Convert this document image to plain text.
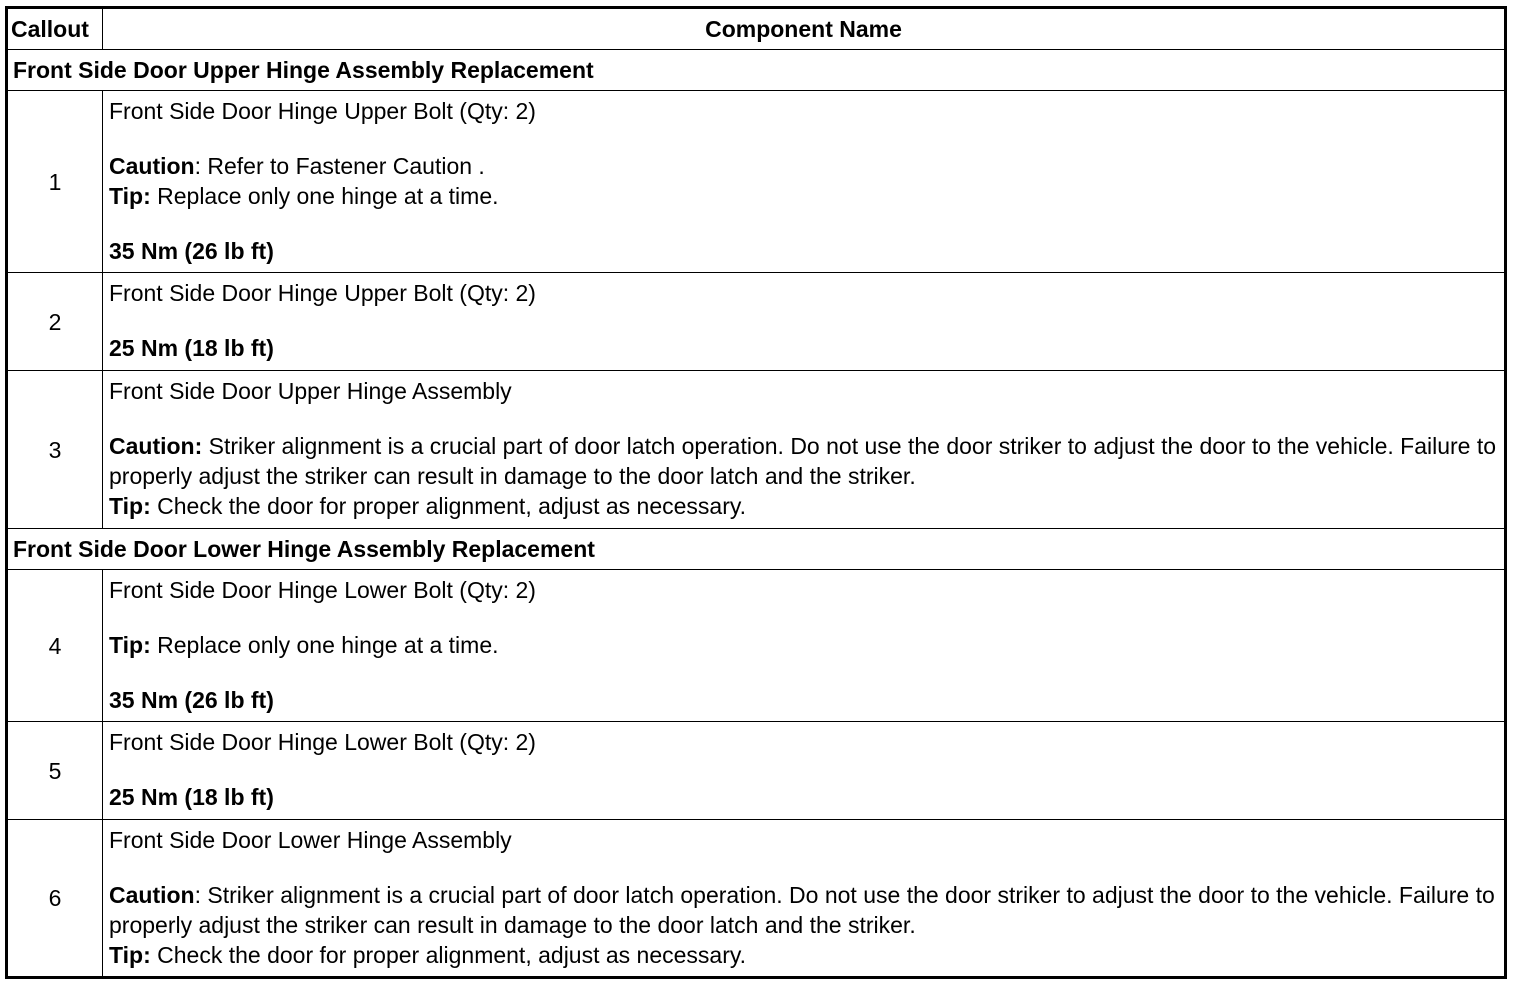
Callout	Component Name
Front Side Door Upper Hinge Assembly Replacement	
1	Front Side Door Hinge Upper Bolt (Qty: 2)
Caution: Refer to Fastener Caution .
Tip: Replace only one hinge at a time.
35 Nm (26 lb ft)

2	Front Side Door Hinge Upper Bolt (Qty: 2)
25 Nm (18 lb ft)

3	Front Side Door Upper Hinge Assembly
Caution: Striker alignment is a crucial part of door latch operation. Do not use the door striker to adjust the door to the vehicle. Failure to properly adjust the striker can result in damage to the door latch and the striker.
Tip: Check the door for proper alignment, adjust as necessary.

Front Side Door Lower Hinge Assembly Replacement	
4	Front Side Door Hinge Lower Bolt (Qty: 2)
Tip: Replace only one hinge at a time.
35 Nm (26 lb ft)

5	Front Side Door Hinge Lower Bolt (Qty: 2)
25 Nm (18 lb ft)

6	Front Side Door Lower Hinge Assembly
Caution: Striker alignment is a crucial part of door latch operation. Do not use the door striker to adjust the door to the vehicle. Failure to properly adjust the striker can result in damage to the door latch and the striker.
Tip: Check the door for proper alignment, adjust as necessary.
